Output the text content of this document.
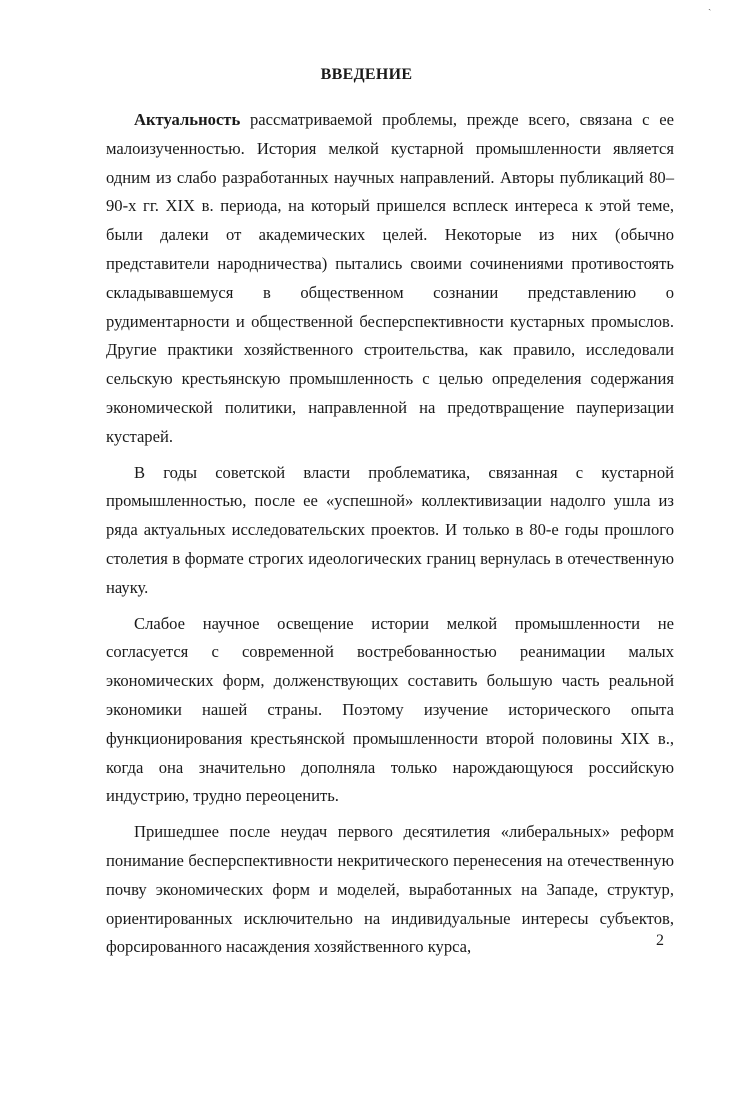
ˎ
ВВЕДЕНИЕ

Актуальность рассматриваемой проблемы, прежде всего, связана с ее малоизученностью. История мелкой кустарной промышленности является одним из слабо разработанных научных направлений. Авторы публикаций 80–90-х гг. XIX в. периода, на который пришелся всплеск интереса к этой теме, были далеки от академических целей. Некоторые из них (обычно представители народничества) пытались своими сочинениями противостоять складывавшемуся в общественном сознании представлению о рудиментарности и общественной бесперспективности кустарных промыслов. Другие практики хозяйственного строительства, как правило, исследовали сельскую крестьянскую промышленность с целью определения содержания экономической политики, направленной на предотвращение пауперизации кустарей.

В годы советской власти проблематика, связанная с кустарной промышленностью, после ее «успешной» коллективизации надолго ушла из ряда актуальных исследовательских проектов. И только в 80-е годы прошлого столетия в формате строгих идеологических границ вернулась в отечественную науку.

Слабое научное освещение истории мелкой промышленности не согласуется с современной востребованностью реанимации малых экономических форм, долженствующих составить большую часть реальной экономики нашей страны. Поэтому изучение исторического опыта функционирования крестьянской промышленности второй половины XIX в., когда она значительно дополняла только нарождающуюся российскую индустрию, трудно переоценить.

Пришедшее после неудач первого десятилетия «либеральных» реформ понимание бесперспективности некритического перенесения на отечественную почву экономических форм и моделей, выработанных на Западе, структур, ориентированных исключительно на индивидуальные интересы субъектов, форсированного насаждения хозяйственного курса,	2
